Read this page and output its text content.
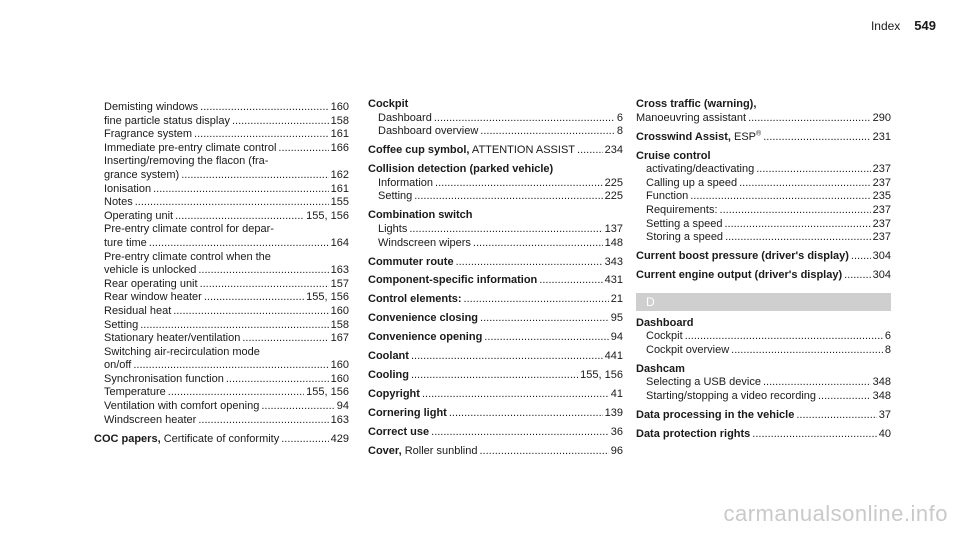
Index 549
Demisting windows .....	160
fine particle status display .....	158
Fragrance system .....	161
Immediate pre-entry climate control .....	166
Inserting/removing the flacon (fra-
grance system) .....	162
Ionisation .....	161
Notes .....	155
Operating unit .....	155, 156
Pre-entry climate control for depar-
ture time .....	164
Pre-entry climate control when the
vehicle is unlocked .....	163
Rear operating unit .....	157
Rear window heater .....	155, 156
Residual heat .....	160
Setting .....	158
Stationary heater/ventilation .....	167
Switching air-recirculation mode
on/off .....	160
Synchronisation function .....	160
Temperature .....	155, 156
Ventilation with comfort opening .....	94
Windscreen heater .....	163
COC papers, Certificate of conformity .....	429
Cockpit
Dashboard .....	6
Dashboard overview .....	8
Coffee cup symbol, ATTENTION ASSIST .....	234
Collision detection (parked vehicle)
Information .....	225
Setting .....	225
Combination switch
Lights .....	137
Windscreen wipers .....	148
Commuter route .....	343
Component-specific information .....	431
Control elements: .....	21
Convenience closing .....	95
Convenience opening .....	94
Coolant .....	441
Cooling .....	155, 156
Copyright .....	41
Cornering light .....	139
Correct use .....	36
Cover, Roller sunblind .....	96
Cross traffic (warning),
Manoeuvring assistant .....	290
Crosswind Assist, ESP® .....	231
Cruise control
activating/deactivating .....	237
Calling up a speed .....	237
Function .....	235
Requirements: .....	237
Setting a speed .....	237
Storing a speed .....	237
Current boost pressure (driver's display) ..... 304
Current engine output (driver's display) .....	304
D
Dashboard
Cockpit .....	6
Cockpit overview .....	8
Dashcam
Selecting a USB device .....	348
Starting/stopping a video recording .....	348
Data processing in the vehicle .....	37
Data protection rights .....	40
carmanualsonline.info
